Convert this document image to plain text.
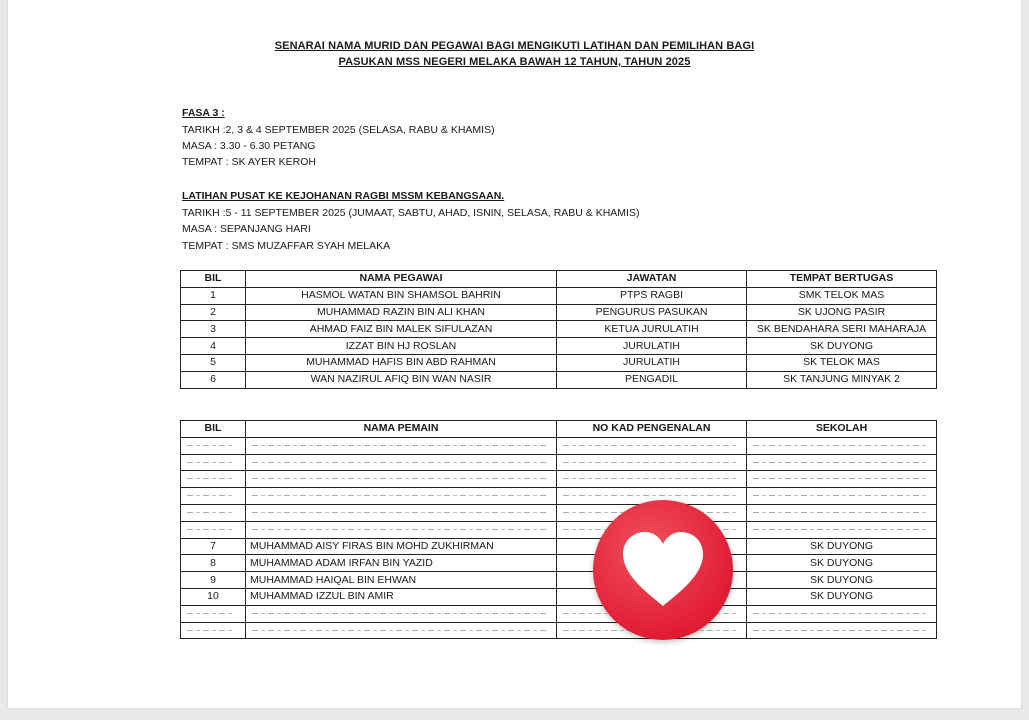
SENARAI NAMA MURID DAN PEGAWAI BAGI MENGIKUTI LATIHAN DAN PEMILIHAN BAGI
PASUKAN MSS NEGERI MELAKA BAWAH 12 TAHUN, TAHUN 2025
FASA 3 :
TARIKH :2, 3 & 4 SEPTEMBER 2025 (SELASA, RABU & KHAMIS)
MASA : 3.30 - 6.30 PETANG
TEMPAT : SK AYER KEROH
LATIHAN PUSAT KE KEJOHANAN RAGBI MSSM KEBANGSAAN.
TARIKH :5 - 11 SEPTEMBER 2025 (JUMAAT, SABTU, AHAD, ISNIN, SELASA, RABU & KHAMIS)
MASA : SEPANJANG HARI
TEMPAT : SMS MUZAFFAR SYAH MELAKA
BIL	NAMA PEGAWAI	JAWATAN	TEMPAT BERTUGAS
1	HASMOL WATAN BIN SHAMSOL BAHRIN	PTPS RAGBI	SMK TELOK MAS
2	MUHAMMAD RAZIN BIN ALI KHAN	PENGURUS PASUKAN	SK UJONG PASIR
3	AHMAD FAIZ BIN MALEK SIFULAZAN	KETUA JURULATIH	SK BENDAHARA SERI MAHARAJA
4	IZZAT BIN HJ ROSLAN	JURULATIH	SK DUYONG
5	MUHAMMAD HAFIS BIN ABD RAHMAN	JURULATIH	SK TELOK MAS
6	WAN NAZIRUL AFIQ BIN WAN NASIR	PENGADIL	SK TANJUNG MINYAK 2
BIL	NAMA PEMAIN	NO KAD PENGENALAN	SEKOLAH

7	MUHAMMAD AISY FIRAS BIN MOHD ZUKHIRMAN		SK DUYONG
8	MUHAMMAD ADAM IRFAN BIN YAZID		SK DUYONG
9	MUHAMMAD HAIQAL BIN EHWAN		SK DUYONG
10	MUHAMMAD IZZUL BIN AMIR		SK DUYONG
